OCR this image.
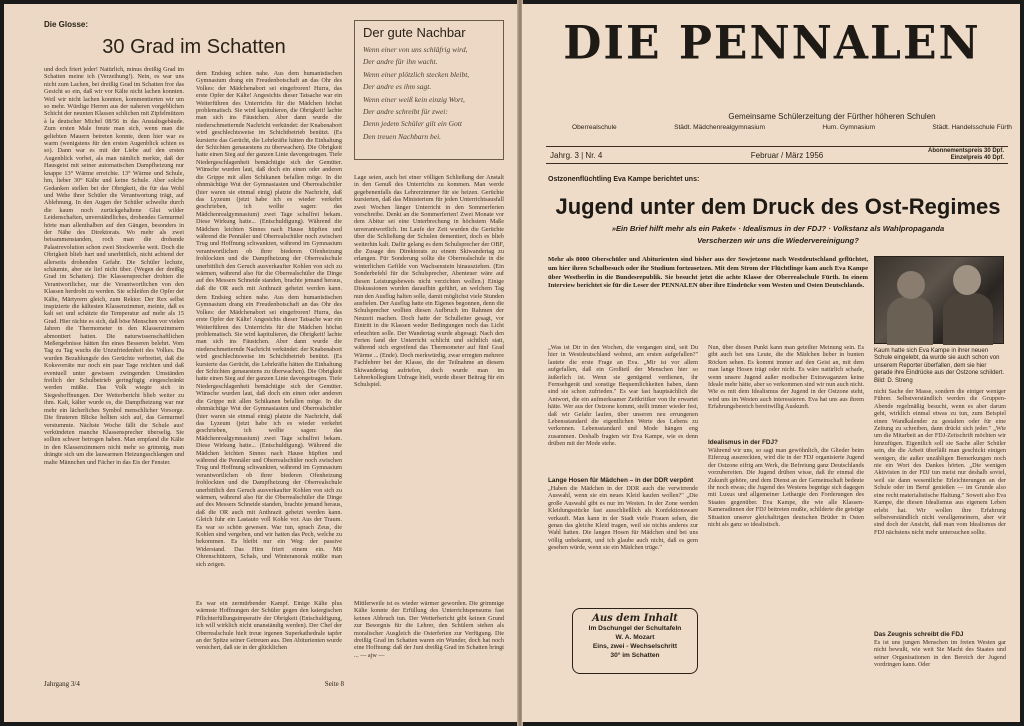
Die Glosse:
30 Grad im Schatten
Der gute Nachbar
Wenn einer von uns schläfrig wird,
Der andre für ihn wacht.
Wenn einer plötzlich stecken bleibt,
Der andre es ihm sagt.
Wenn einer weiß kein einzig Wort,
Der andre schreibt für zwei:
Denn jedem Schüler gilt ein Gott
Den treuen Nachbarn bei.
und doch friert jeder! Natürlich, minus dreißig Grad im Schatten meine ich (Verzeihung!). Nein, es war uns nicht zum Lachen, bei dreißig Grad im Schatten fror das Gesicht so ein, daß wir vor Kälte nicht lachen konnten. Weil wir nicht lachen konnten, kommentierten wir um so mehr. Würdige Herren aus der naheren vorgeblichen Schicht der neunten Klassen schlichen mit Zipfelmützen à la deutscher Michel 08/56 in das Anstaltsgebäude. Zum ersten Male freute man sich, wenn man die geliebten Mauern betreten konnte, denn hier war es warm (wenigstens für den ersten Augenblick schien es so). Dann war es mit der Liebe auf den ersten Augenblick vorbei, als man nämlich merkte, daß der Hausgeist mit seiner automatischen Dampfheizung nur knappe 13° Wärme erreichte. 13° Wärme und Schule, hm, lieber 30° Kälte und keine Schule. Aber solche Gedanken stellen bei der Obrigkeit, die für das Wohl und Wehe ihrer Schüler die Verantwortung trägt, auf Ablehnung. In den Augen der Schüler schwelte durch die kaum noch zurückgehaltene Glut wilder Leidenschaften, unverständliches, drohendes Gemurmel hörte man allenthalben auf den Gängen, besonders in der Nähe des Direktorats. Wo mehr als zwei beisammenstanden, roch man die drohende Palastrevolution schon zwei Stockwerke weit. Doch die Obrigkeit blieb hart und unerbittlich, nicht achtend der allerseits drohenden Gefahr. Die Schüler lechzte, schäumte, aber sie lief nicht über. (Wegen der dreißig Grad im Schatten). Die Klassensprecher drohten die Verantwortlicher, nur die Verantwortlichen von den Klassen herdroht zu werden. Sie schleifen die Opfer der Kälte, Märtyrern gleich, zum Rektor. Der Rex selbst inspizierte die kältesten Klassenzimmer, meinte, daß es kalt sei und schätzte die Temperatur auf mehr als 15 Grad. Hier rächte es sich, daß böse Menschen vor vielen Jahren die Thermometer in den Klassenzimmern abmontiert hatten. Die naturwissenschaftlichen Meßergebnisse hätten ihn eines Besseren belehrt. Vom Tag zu Tag wuchs die Unzufriedenheit des Volkes. Da wurden Bezahlungsfe des Gerüchte verbreitet, daß die Koksvorräte nur noch ein paar Tage reichten und daß eventuell unter gewissen zwingenden Umständen freilich der Schulbetrieb geringfügig eingeschränkt werden müßte. Das Volk wiegte sich in Siegeshoffnungen. Der Wetterbericht blieb weiter zu ihm. Kalt, kälter wurde es, die Dampfheizung war nur mehr ein lächerliches Symbol menschlicher Vorsorge. Die finsteren Blicke hellten sich auf, das Gemurmel verstummte. Nächste Woche fällt die Schule aus! verkündeten manche Klassensprecher überselig. Sie sollten schwer betrogen haben. Man empfand die Kälte in den Klassenzimmern nicht mehr so grimmig, man drängte sich um die lauwarmen Heizungsschlangen und malte Männchen und Fächer in das Eis der Fenster.
dem Endsieg schien nahe. Aus dem humanistischen Gymnasium drang ein Freudenbotschaft an das Ohr des Volkes: der Mädchenabort sei eingefroren! Hurra, das erste Opfer der Kälte! Angesichts dieser Tatsache war ein Weiterführen des Unterrichts für die Mädchen höchst problematisch. Sie wird kapitulieren, die Obrigkeit! lachte man sich ins Fäustchen. Aber dann wurde die niederschmetternde Nachricht verkündet: der Knabenabort wird geschlechtsweise im Schichtbetrieb benützt. (Es kursierte das Gerücht, die Lehrkräfte hätten die Einhaltung der Schichten genauestens zu überwachen). Die Obrigkeit hatte einen Sieg auf der ganzen Linie davongetragen. Tiefe Niedergeschlagenheit bemächtigte sich der Gemüter. Wünsche wurden laut, daß doch ein einen oder anderen die Grippe mit allen Schikanen befallen möge. In die ohnmächtige Wut der Gymnasiasten und Oberrealschüler (hier waren sie einmal einig) platzte die Nachricht, daß das Lyzeum (jetzt habe ich es wieder verkehrt geschrieben, ich wollte sagen: das Mädchenrealgymnasium) zwei Tage schulfrei bekam. Diese Wirkung hatte... (Entschuldigung). Während die Mädchen leichten Sinnes nach Hause hüpften und während die Pennäler und Oberrealschüler noch zwischen Trug und Hoffnung schwankten, während im Gymnasium verantwortlichen ob ihrer biederen Ofenheizung frohlockten und die Dampfheizung der Oberrealschule unerbittlich den Geruch ausverkaufter Kohlen von sich zu wärmen, während also für die Oberrealschüler die Dinge auf des Messers Schneide standen, brachte jemand heraus, daß die OR auch mit Anthrazit geheizt werden kann.
dem Endsieg schien nahe. Aus dem humanistischen Gymnasium drang ein Freudenbotschaft an das Ohr des Volkes: der Mädchenabort sei eingefroren! Hurra, das erste Opfer der Kälte! Angesichts dieser Tatsache war ein Weiterführen des Unterrichts für die Mädchen höchst problematisch. Sie wird kapitulieren, die Obrigkeit! lachte man sich ins Fäustchen. Aber dann wurde die niederschmetternde Nachricht verkündet: der Knabenabort wird geschlechtsweise im Schichtbetrieb benützt. (Es kursierte das Gerücht, die Lehrkräfte hätten die Einhaltung der Schichten genauestens zu überwachen). Die Obrigkeit hatte einen Sieg auf der ganzen Linie davongetragen. Tiefe Niedergeschlagenheit bemächtigte sich der Gemüter. Wünsche wurden laut, daß doch ein einen oder anderen die Grippe mit allen Schikanen befallen möge. In die ohnmächtige Wut der Gymnasiasten und Oberrealschüler (hier waren sie einmal einig) platzte die Nachricht, daß das Lyzeum (jetzt habe ich es wieder verkehrt geschrieben, ich wollte sagen: das Mädchenrealgymnasium) zwei Tage schulfrei bekam. Diese Wirkung hatte... (Entschuldigung). Während die Mädchen leichten Sinnes nach Hause hüpften und während die Pennäler und Oberrealschüler noch zwischen Trug und Hoffnung schwankten, während im Gymnasium verantwortlichen ob ihrer biederen Ofenheizung frohlockten und die Dampfheizung der Oberrealschule unerbittlich den Geruch ausverkaufter Kohlen von sich zu wärmen, während also für die Oberrealschüler die Dinge auf des Messers Schneide standen, brachte jemand heraus, daß die OR auch mit Anthrazit geheizt werden kann. Gleich fuhr ein Lastauto voll Kohle vor. Aus der Traum. Es war so schön gewesen. War tun, sprach Zeus, die Kohlen sind vergeben, und wir hatten das Pech, welche zu bekommen. Es bleibt nur ein Weg: der passive Widerstand. Das Hirn friert einem ein. Mit Ohrenschützern, Schals, und Winteranorak müßte man sich zeigen.
Es war ein zermürbender Kampf. Einige Kälte plus wärmste Hoffnungen der Schüler gegen den katergischen Pflichterfüllungsimperativ der Obrigkeit (Entschuldigung, ich will wirklich nicht unanständig werden). Der Chef der Oberrealschule hielt treue irgenen Superkathedrale tapfer an der Spitze seiner Getreuen aus. Den Abiturienten wurde versichert, daß sie in der glücklichen
Lage seien, auch bei einer völligen Schließung der Anstalt in den Genuß des Unterrichts zu kommen. Man werde gegebenenfalls das Lehrerzimmer für sie heizen. Gerüchte kursierten, daß das Ministerium für jeden Unterrichtsausfall zwei Wochen länger Unterricht in den Sommerferien vorschreibe. Denkt an die Sommerferien! Zwei Monate vor dem Abitur sei eine Unterbrechung in höchstem Maße unverantwortlich. Im Laufe der Zeit wurden die Gerüchte über die Schließung der Schulen dementiert, doch es blieb weiterhin kalt. Dafür gelang es dem Schulsprecher der OBF, die Zusage des Direktorats zu einem Skiwandertag zu erlangen. Für Sonderung sollte die Oberrealschule in die winterlichen Gefilde von Wachsenstein hinausziehen. (Ein Sonderbefehl für die Schulsprecher, Abenteuer wäre auf diesen Leistungsbeweis nicht verzichten wollen.) Einige Diskussionen wurden daraufhin geführt, an welchem Tag nun den Ausflug halten solle, damit möglichst viele Stunden ausfielen. Der Ausflug hatte ein Eigenes begonnen, denn die Schulsprecher wollten diesen Aufbruch im Rahmen der Neuzeit machen. Doch hatte der Schulleiter gesagt, vor Eintritt in die Klassen weder Bedingungen noch das Licht erleuchten solle. Der Wandertag wurde abgesagt. Nach den Ferien fand der Unterricht schlicht und sichtlich statt, während sich ergreifend das Thermometer auf fünf Grad Wärme ... (Ende). Doch merkwürdig, zwar erregten mehrere Fachlehrer bei der Klasse, die der Teilnahme an diesem Skiwandertag aufriefen, doch wurde man im Lehrerkollegium Unfrage hielt, wurde dieser Beitrag für ein Schulspiel.
Mittlerweile ist es wieder wärmer geworden. Die grimmige Kälte konnte der Erfüllung des Unterrichtspensums fast keinen Abbruch tun. Der Wetterbericht gibt keinen Grund zur Besorgnis für die Lehrer, den Schülern stehen als moralischer Ausgleich die Osterferien zur Verfügung. Die dreißig Grad im Schatten waren ein Wunder, doch hat noch eine Hoffnung: daß der Juni dreißig Grad im Schatten bringt ... — ajw —
Jahrgang 3/4	Seite 8
DIE PENNALEN
Gemeinsame Schülerzeitung der Fürther höheren Schulen
Oberrealschule	Städt. Mädchenrealgymnasium	Hum. Gymnasium	Städt. Handelsschule Fürth
Jahrg. 3 | Nr. 4	Februar / März 1956	Abonnementspreis 30 Dpf.
Einzelpreis 40 Dpf.
Ostzonenflüchtling Eva Kampe berichtet uns:
Jugend unter dem Druck des Ost-Regimes
»Ein Brief hilft mehr als ein Paket« · Idealismus in der FDJ? · Volkstanz als Wahlpropaganda
Verscherzen wir uns die Wiedervereinigung?
Mehr als 8000 Oberschüler und Abiturienten sind bisher aus der Sowjetzone nach Westdeutschland geflüchtet, um hier ihren Schulbesuch oder ihr Studium fortzusetzen. Mit dem Strom der Flüchtlinge kam auch Eva Kampe über Westberlin in die Bundesrepublik. Sie besucht jetzt die achte Klasse der Oberrealschule Fürth. In einem Interview berichtet sie für die Leser der PENNALEN über ihre Eindrücke vom Westen und Osten Deutschlands.
Kaum hatte sich Eva Kampe in ihrer neuen Schule eingelebt, da wurde sie auch schon von unserem Reporter überfallen, dem sie hier gerade ihre Eindrücke aus der Ostzone schildert. Bild: D. Streng
„Was ist Dir in den Wochen, die vergangen sind, seit Du hier in Westdeutschland wohnst, am ersten aufgefallen?" lautete die erste Frage an Eva. „Mir ist vor allem aufgefallen, daß ein Großteil der Menschen hier so äußerlich ist. Wenn sie genügend verdienen, ihr Fernsehgerät und sonstige Bequemlichkeiten haben, dann sind sie schon zufrieden." Es war fast hauptsächlich die Antwort, die ein aufmerksamer Zeitkritiker von ihr erwartet hätte. Wer aus der Ostzone kommt, stellt immer wieder fest, daß wir Gefahr laufen, über unseren neu errungenen Lebensstandard die eigentlichen Werte des Lebens zu verkennen. Lebensstandard und Mode hängen eng zusammen. Deshalb fragten wir Eva Kampe, wie es denn drüben mit der Mode stehe.
Lange Hosen für Mädchen – in der DDR verpönt
„Haben die Mädchen in der DDR auch die verwirrende Auswahl, wenn sie ein neues Kleid kaufen wollen?" „Die große Auswahl gibt es nur im Westen. In der Zone werden Kleidungsstücke fast ausschließlich als Konfektionsware verkauft. Man kann in der Stadt viele Frauen sehen, die genau das gleiche Kleid tragen, weil sie nichts anderes zur Wahl hatten. Die langen Hosen für Mädchen sind bei uns völlig unbekannt, und ich glaube auch nicht, daß es gern gesehen würde, wenn sie ein Mädchen trüge."
Aus dem Inhalt
Im Dschungel der Schultafeln
W. A. Mozart
Eins, zwei - Wechselschritt
30° im Schatten
Nun, über diesen Punkt kann man geteilter Meinung sein. Es gibt auch bei uns Leute, die die Mädchen lieber in bunten Röcken sehen. Es kommt immer auf den Geist an, mit dem man lange Hosen trägt oder nicht. Es wäre natürlich schade, wenn unsere Jugend außer modischer Extravaganzen keine Ideale mehr hätte, aber so verkommen sind wir nun auch nicht. Wie es mit dem Idealismus der Jugend in der Ostzone steht, wird uns im Westen auch interessieren. Eva hat uns aus ihrem Erfahrungsbereich bereitwillig Auskunft.
Idealismus in der FDJ?
Während wir uns, so sagt man gewöhnlich, die Glieder beim Eiferzug auszreckten, wird die in der FDJ organisierte Jugend der Ostzone eifrig am Werk, die Befreiung ganz Deutschlands vorzubereiten. Die Jugend drüben wisse, daß ihr einmal die Zukunft gehöre, und dem Dienst an der Gemeinschaft bedeute ihr noch etwas; die Jugend des Westens begnüge sich dagegen mit Luxus und allgemeiner Lethargie den Forderungen des Staates gegenüber. Eva Kampe, die wie alle Klassen-Kameradinnen der FDJ beitreten mußte, schilderte die geistige Situation unserer gleichaltrigen deutschen Brüder in Osten nicht als ganz so idealistisch.
nicht Sache der Masse, sondern die einiger weniger Führer. Selbstverständlich werden die Gruppen-Abende regelmäßig besucht, wenn es aber darum geht, wirklich einmal etwas zu tun, zum Beispiel einen Wandkalender zu gestalten oder für eine Zeitung zu schreiben, dann drückt sich jeder." „Wie um die Mitarbeit an der FDJ-Zeitschrift möchten wir hinzufügen. Eigentlich soll sie Sache aller Schüler sein, die die Arbeit überläßt man geschickt einigen wenigen, die außer unzähligen Bemerkungen noch nie ein Wort des Dankes hörten. „Die wenigen Aktivisten in der FDJ tun meist nur deshalb soviel, weil sie dann wesentliche Erleichterungen an der Schule oder im Beruf genießen — im Grunde also eine recht materialistische Haltung." Soweit also Eva Kampe, die diesen Idealismus aus eigenem Leben erlebt hat. Wir wollen ihre Erfahrung selbstverständlich nicht verallgemeinern, aber wir sind doch der Ansicht, daß man vom Idealismus der FDJ nächstens nicht mehr untersuchen sollte.
Das Zeugnis schreibt die FDJ
Es ist uns jungen Menschen im freien Westen gar nicht bewußt, wie weit Sie Macht des Staates und seiner Organisationen in den Bereich der Jugend vordringen kann. Oder
